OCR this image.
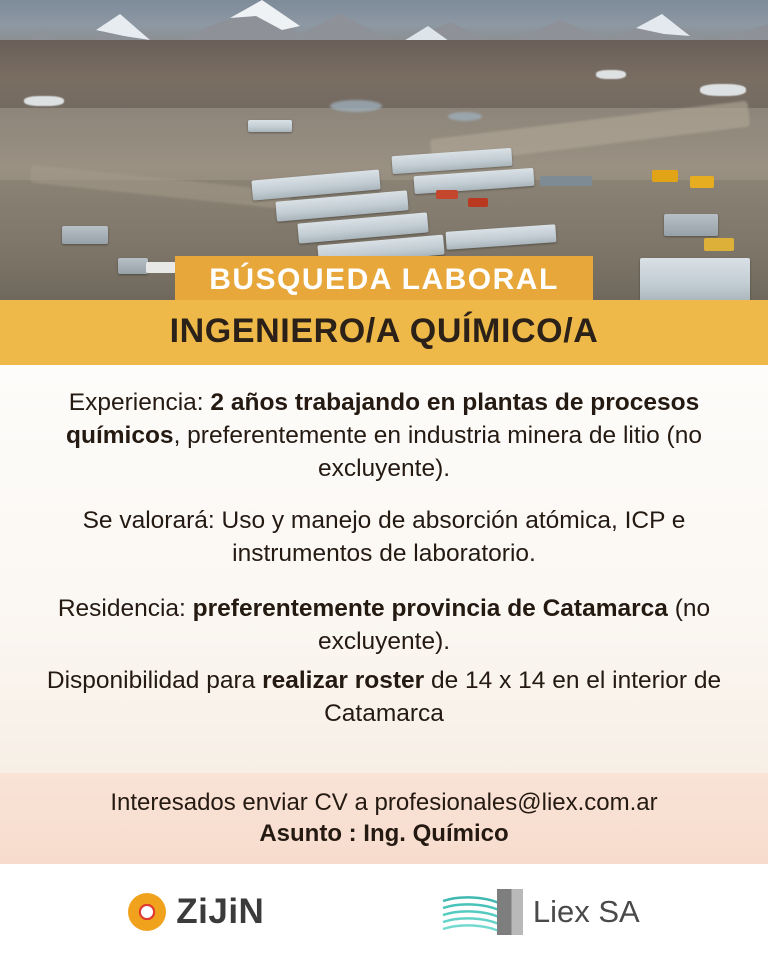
BÚSQUEDA LABORAL
INGENIERO/A QUÍMICO/A

Experiencia: 2 años trabajando en plantas de procesos químicos, preferentemente en industria minera de litio (no excluyente).

Se valorará: Uso y manejo de absorción atómica, ICP e instrumentos de laboratorio.

Residencia: preferentemente provincia de Catamarca (no excluyente).

Disponibilidad para realizar roster de 14 x 14 en el interior de Catamarca

Interesados enviar CV a profesionales@liex.com.ar
Asunto : Ing. Químico
ZiJiN	Liex SA
